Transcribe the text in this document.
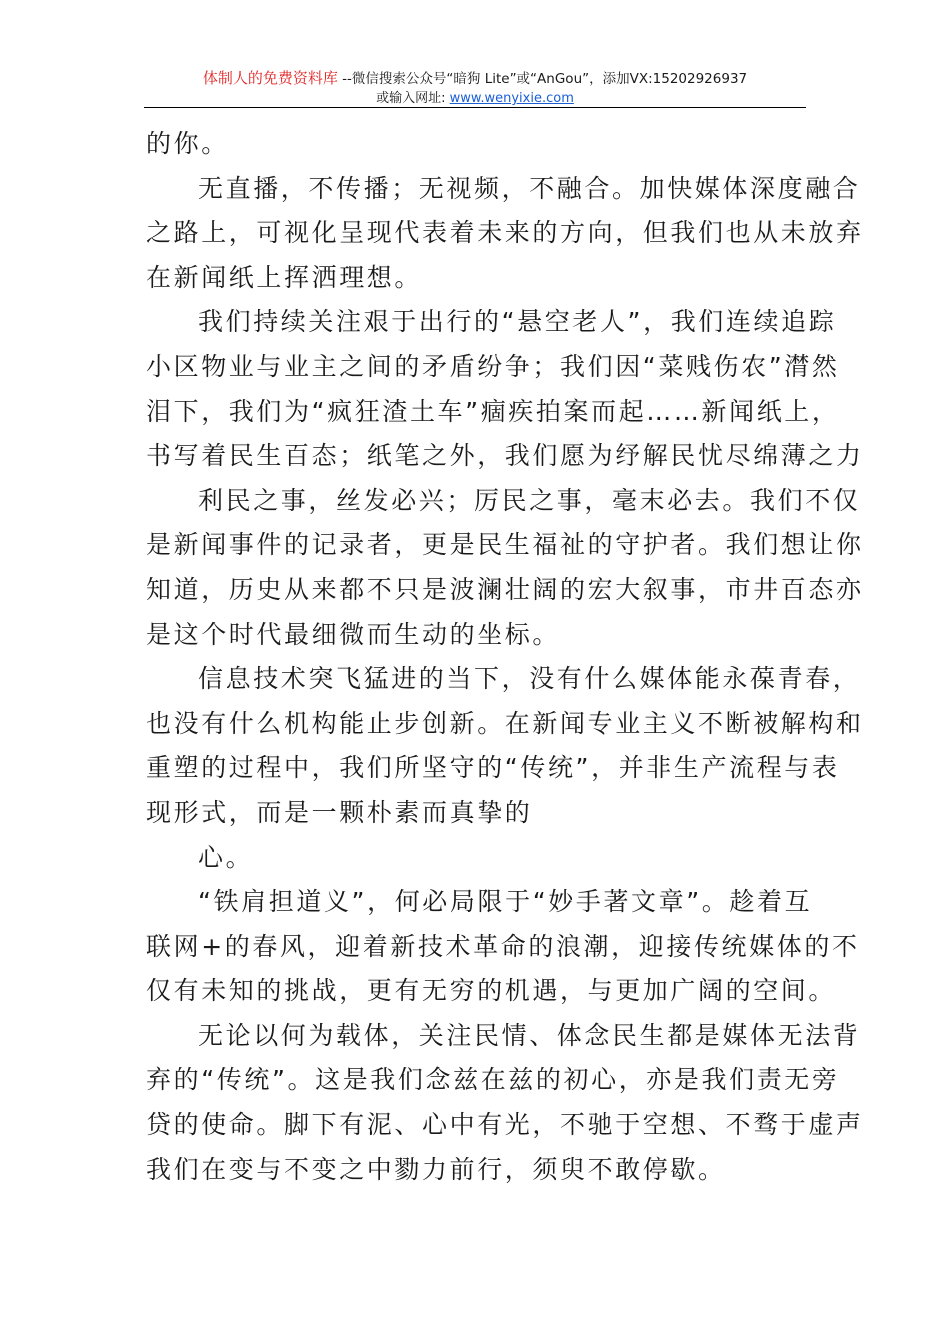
体制人的免费资料库 --微信搜索公众号“暗狗 Lite”或“AnGou”，添加VX:15202926937
或输入网址: www.wenyixie.com

的你。

无直播，不传播；无视频，不融合。加快媒体深度融合

之路上，可视化呈现代表着未来的方向，但我们也从未放弃

在新闻纸上挥洒理想。

我们持续关注艰于出行的“悬空老人”，我们连续追踪

小区物业与业主之间的矛盾纷争；我们因“菜贱伤农”潸然

泪下，我们为“疯狂渣土车”痼疾拍案而起……新闻纸上，

书写着民生百态；纸笔之外，我们愿为纾解民忧尽绵薄之力

利民之事，丝发必兴；厉民之事，毫末必去。我们不仅

是新闻事件的记录者，更是民生福祉的守护者。我们想让你

知道，历史从来都不只是波澜壮阔的宏大叙事，市井百态亦

是这个时代最细微而生动的坐标。

信息技术突飞猛进的当下，没有什么媒体能永葆青春，

也没有什么机构能止步创新。在新闻专业主义不断被解构和

重塑的过程中，我们所坚守的“传统”，并非生产流程与表

现形式，而是一颗朴素而真挚的

心。

“铁肩担道义”，何必局限于“妙手著文章”。趁着互

联网+的春风，迎着新技术革命的浪潮，迎接传统媒体的不

仅有未知的挑战，更有无穷的机遇，与更加广阔的空间。

无论以何为载体，关注民情、体念民生都是媒体无法背

弃的“传统”。这是我们念兹在兹的初心，亦是我们责无旁

贷的使命。脚下有泥、心中有光，不驰于空想、不骛于虚声

我们在变与不变之中勠力前行，须臾不敢停歇。
